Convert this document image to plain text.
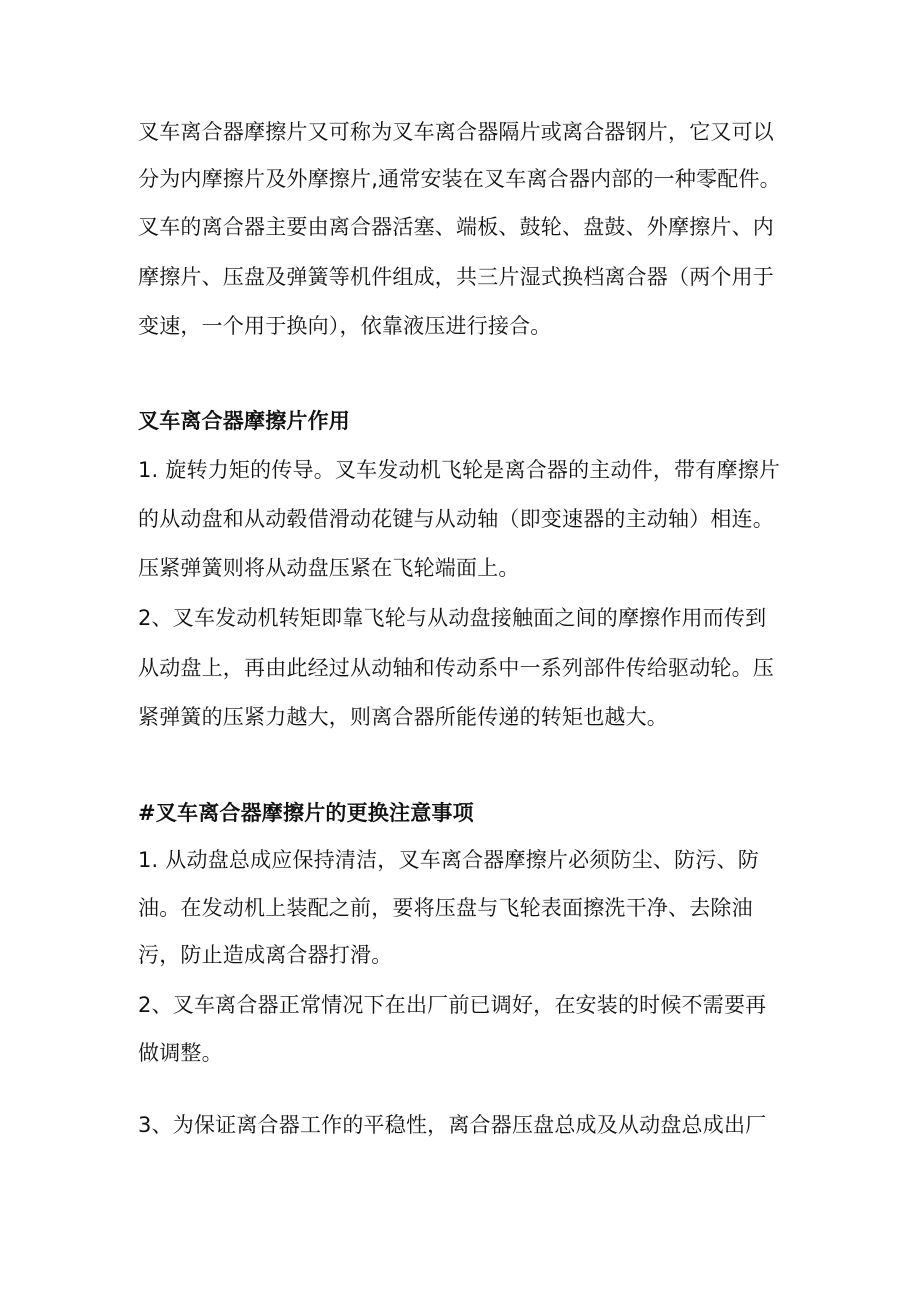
叉车离合器摩擦片又可称为叉车离合器隔片或离合器钢片，它又可以
分为内摩擦片及外摩擦片,通常安装在叉车离合器内部的一种零配件。
叉车的离合器主要由离合器活塞、端板、鼓轮、盘鼓、外摩擦片、内
摩擦片、压盘及弹簧等机件组成，共三片湿式换档离合器（两个用于
变速，一个用于换向），依靠液压进行接合。
叉车离合器摩擦片作用
1. 旋转力矩的传导。叉车发动机飞轮是离合器的主动件，带有摩擦片
的从动盘和从动毂借滑动花键与从动轴（即变速器的主动轴）相连。
压紧弹簧则将从动盘压紧在飞轮端面上。
2、叉车发动机转矩即靠飞轮与从动盘接触面之间的摩擦作用而传到
从动盘上，再由此经过从动轴和传动系中一系列部件传给驱动轮。压
紧弹簧的压紧力越大，则离合器所能传递的转矩也越大。
#叉车离合器摩擦片的更换注意事项
1. 从动盘总成应保持清洁，叉车离合器摩擦片必须防尘、防污、防
油。在发动机上装配之前，要将压盘与飞轮表面擦洗干净、去除油
污，防止造成离合器打滑。
2、叉车离合器正常情况下在出厂前已调好，在安装的时候不需要再
做调整。
3、为保证离合器工作的平稳性，离合器压盘总成及从动盘总成出厂
